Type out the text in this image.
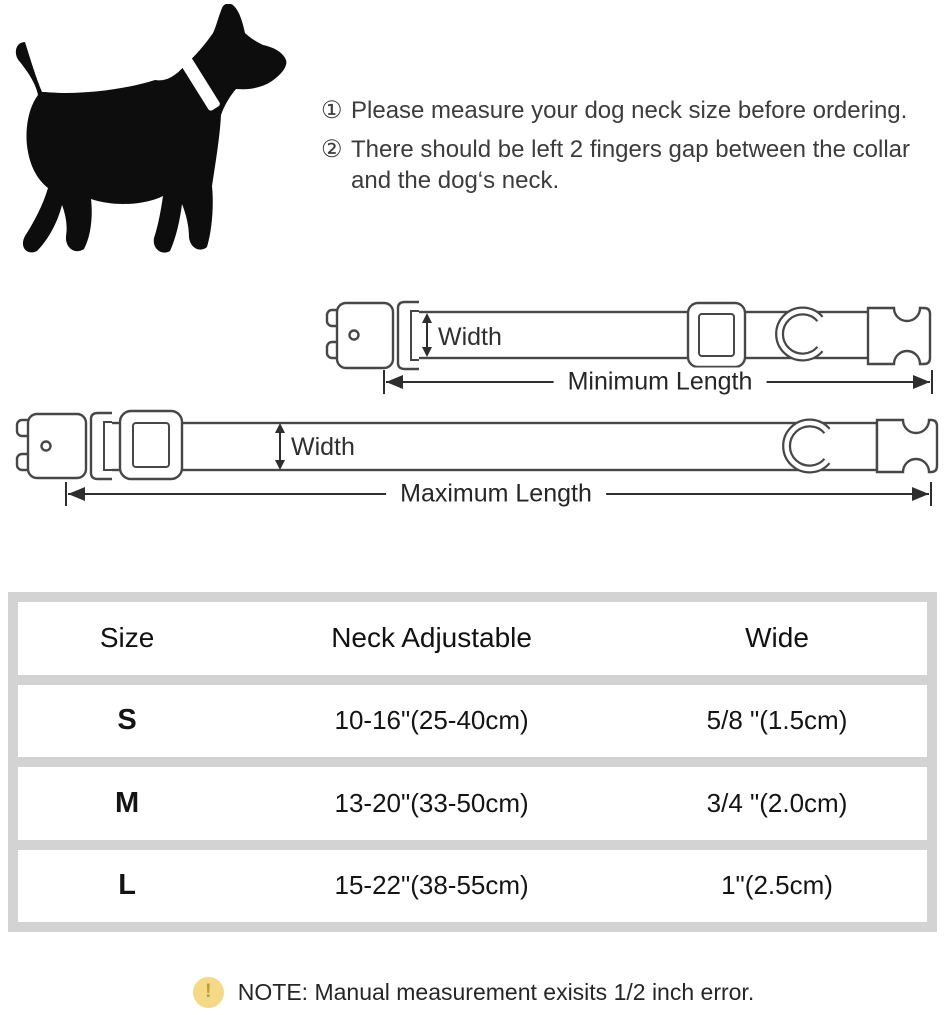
① Please measure your dog neck size before ordering.
② There should be left 2 fingers gap between the collar and the dog‘s neck.
Width
Minimum Length
Width
Maximum Length
Size	Neck Adjustable	Wide
S	10-16"(25-40cm)	5/8 "(1.5cm)
M	13-20"(33-50cm)	3/4 "(2.0cm)
L	15-22"(38-55cm)	1"(2.5cm)
!	NOTE: Manual measurement exisits 1/2 inch error.
